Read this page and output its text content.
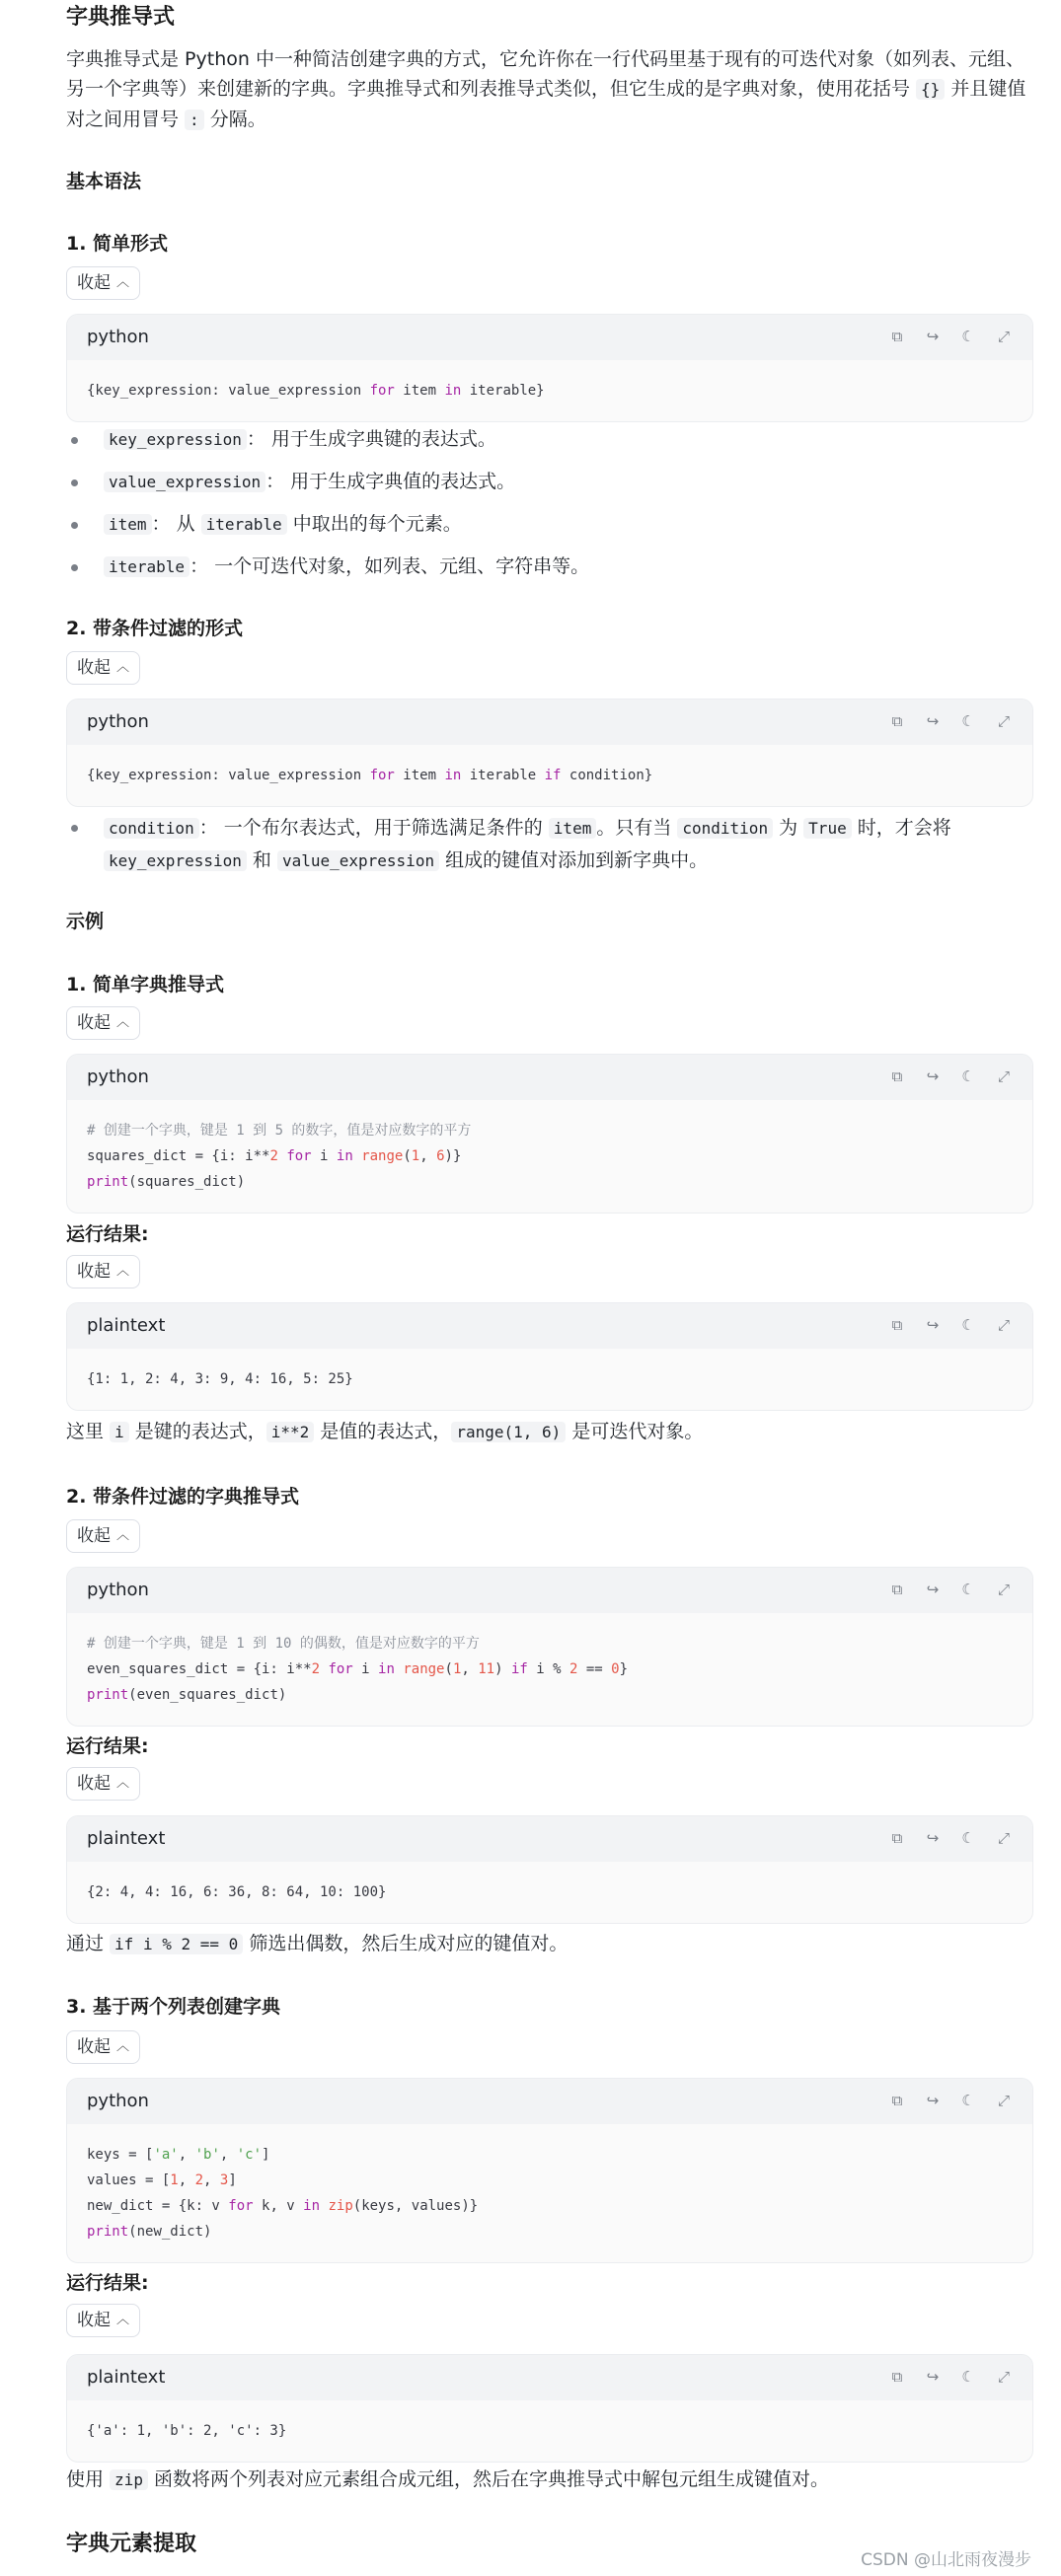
字典推导式
字典推导式是 Python 中一种简洁创建字典的方式，它允许你在一行代码里基于现有的可迭代对象（如列表、元组、另一个字典等）来创建新的字典。字典推导式和列表推导式类似，但它生成的是字典对象，使用花括号 {} 并且键值对之间用冒号 : 分隔。
基本语法
1. 简单形式
收起 ︿
python	⧉ ↪ ☾ ⤢
{key_expression: value_expression for item in iterable}
key_expression ： 用于生成字典键的表达式。
value_expression ： 用于生成字典值的表达式。
item ： 从 iterable 中取出的每个元素。
iterable ： 一个可迭代对象，如列表、元组、字符串等。
2. 带条件过滤的形式
收起 ︿
python	⧉ ↪ ☾ ⤢
{key_expression: value_expression for item in iterable if condition}
condition ： 一个布尔表达式，用于筛选满足条件的 item 。只有当 condition 为 True 时，才会将 key_expression 和 value_expression 组成的键值对添加到新字典中。
示例
1. 简单字典推导式
收起 ︿
python	⧉ ↪ ☾ ⤢
# 创建一个字典，键是 1 到 5 的数字，值是对应数字的平方
squares_dict = {i: i**2 for i in range(1, 6)}
print(squares_dict)
运行结果:
收起 ︿
plaintext	⧉ ↪ ☾ ⤢
{1: 1, 2: 4, 3: 9, 4: 16, 5: 25}
这里 i 是键的表达式， i**2 是值的表达式， range(1, 6) 是可迭代对象。
2. 带条件过滤的字典推导式
收起 ︿
python	⧉ ↪ ☾ ⤢
# 创建一个字典，键是 1 到 10 的偶数，值是对应数字的平方
even_squares_dict = {i: i**2 for i in range(1, 11) if i % 2 == 0}
print(even_squares_dict)
运行结果:
收起 ︿
plaintext	⧉ ↪ ☾ ⤢
{2: 4, 4: 16, 6: 36, 8: 64, 10: 100}
通过 if i % 2 == 0 筛选出偶数，然后生成对应的键值对。
3. 基于两个列表创建字典
收起 ︿
python	⧉ ↪ ☾ ⤢
keys = ['a', 'b', 'c']
values = [1, 2, 3]
new_dict = {k: v for k, v in zip(keys, values)}
print(new_dict)
运行结果:
收起 ︿
plaintext	⧉ ↪ ☾ ⤢
{'a': 1, 'b': 2, 'c': 3}
使用 zip 函数将两个列表对应元素组合成元组，然后在字典推导式中解包元组生成键值对。
字典元素提取
CSDN @山北雨夜漫步
